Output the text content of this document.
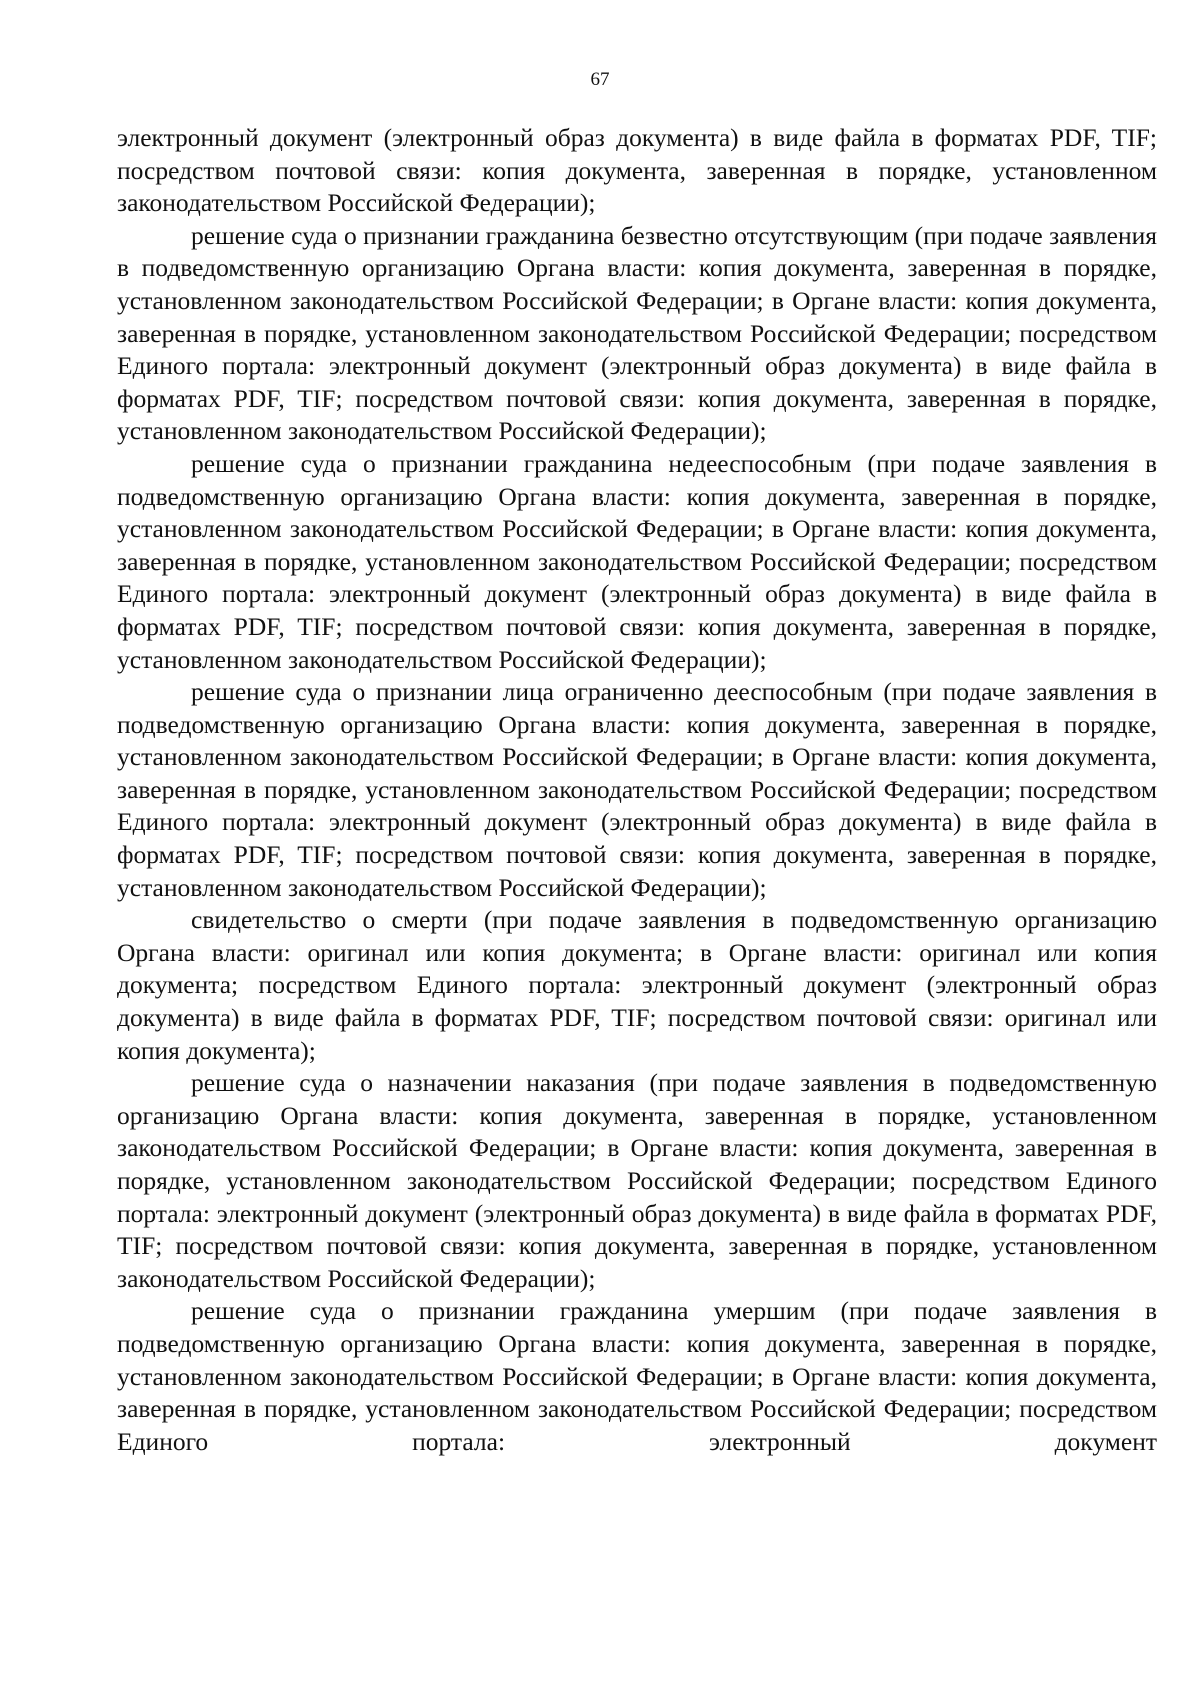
67

электронный документ (электронный образ документа) в виде файла в форматах PDF, TIF; посредством почтовой связи: копия документа, заверенная в порядке, установленном законодательством Российской Федерации);

решение суда о признании гражданина безвестно отсутствующим (при подаче заявления в подведомственную организацию Органа власти: копия документа, заверенная в порядке, установленном законодательством Российской Федерации; в Органе власти: копия документа, заверенная в порядке, установленном законодательством Российской Федерации; посредством Единого портала: электронный документ (электронный образ документа) в виде файла в форматах PDF, TIF; посредством почтовой связи: копия документа, заверенная в порядке, установленном законодательством Российской Федерации);

решение суда о признании гражданина недееспособным (при подаче заявления в подведомственную организацию Органа власти: копия документа, заверенная в порядке, установленном законодательством Российской Федерации; в Органе власти: копия документа, заверенная в порядке, установленном законодательством Российской Федерации; посредством Единого портала: электронный документ (электронный образ документа) в виде файла в форматах PDF, TIF; посредством почтовой связи: копия документа, заверенная в порядке, установленном законодательством Российской Федерации);

решение суда о признании лица ограниченно дееспособным (при подаче заявления в подведомственную организацию Органа власти: копия документа, заверенная в порядке, установленном законодательством Российской Федерации; в Органе власти: копия документа, заверенная в порядке, установленном законодательством Российской Федерации; посредством Единого портала: электронный документ (электронный образ документа) в виде файла в форматах PDF, TIF; посредством почтовой связи: копия документа, заверенная в порядке, установленном законодательством Российской Федерации);

свидетельство о смерти (при подаче заявления в подведомственную организацию Органа власти: оригинал или копия документа; в Органе власти: оригинал или копия документа; посредством Единого портала: электронный документ (электронный образ документа) в виде файла в форматах PDF, TIF; посредством почтовой связи: оригинал или копия документа);

решение суда о назначении наказания (при подаче заявления в подведомственную организацию Органа власти: копия документа, заверенная в порядке, установленном законодательством Российской Федерации; в Органе власти: копия документа, заверенная в порядке, установленном законодательством Российской Федерации; посредством Единого портала: электронный документ (электронный образ документа) в виде файла в форматах PDF, TIF; посредством почтовой связи: копия документа, заверенная в порядке, установленном законодательством Российской Федерации);

решение суда о признании гражданина умершим (при подаче заявления в подведомственную организацию Органа власти: копия документа, заверенная в порядке, установленном законодательством Российской Федерации; в Органе власти: копия документа, заверенная в порядке, установленном законодательством Российской Федерации; посредством Единого портала: электронный документ
